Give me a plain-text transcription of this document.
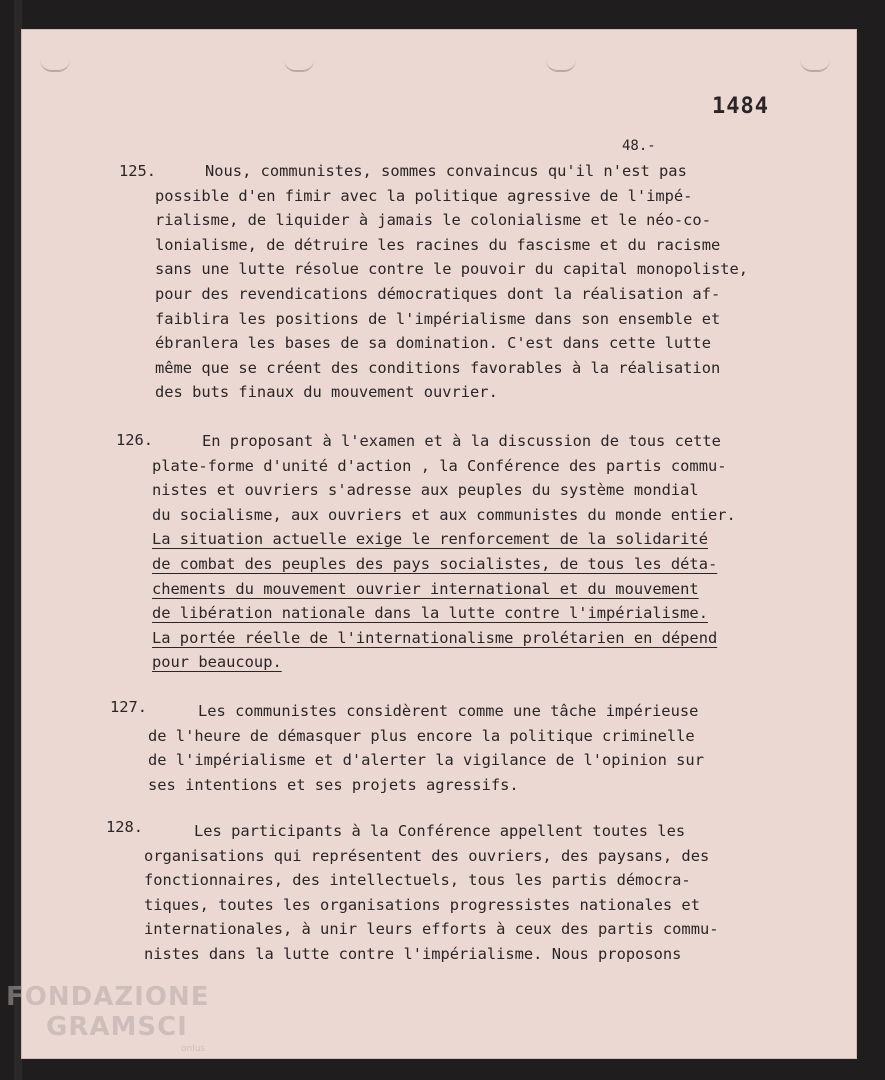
1484
48.-
125.	Nous, communistes, sommes convaincus qu'il n'est pas
possible d'en fimir avec la politique agressive de l'impé-
rialisme, de liquider à jamais le colonialisme et le néo-co-
lonialisme, de détruire les racines du fascisme et du racisme
sans une lutte résolue contre le pouvoir du capital monopoliste,
pour des revendications démocratiques dont la réalisation af-
faiblira les positions de l'impérialisme dans son ensemble et
ébranlera les bases de sa domination. C'est dans cette lutte
même que se créent des conditions favorables à la réalisation
des buts finaux du mouvement ouvrier.
126.	En proposant à l'examen et à la discussion de tous cette
plate-forme d'unité d'action , la Conférence des partis commu-
nistes et ouvriers s'adresse aux peuples du système mondial
du socialisme, aux ouvriers et aux communistes du monde entier.
La situation actuelle exige le renforcement de la solidarité
de combat des peuples des pays socialistes, de tous les déta-
chements du mouvement ouvrier international et du mouvement
de libération nationale dans la lutte contre l'impérialisme.
La portée réelle de l'internationalisme prolétarien en dépend
pour beaucoup.
127.	Les communistes considèrent comme une tâche impérieuse
de l'heure de démasquer plus encore la politique criminelle
de l'impérialisme et d'alerter la vigilance de l'opinion sur
ses intentions et ses projets agressifs.
128.	Les participants à la Conférence appellent toutes les
organisations qui représentent des ouvriers, des paysans, des
fonctionnaires, des intellectuels, tous les partis démocra-
tiques, toutes les organisations progressistes nationales et
internationales, à unir leurs efforts à ceux des partis commu-
nistes dans la lutte contre l'impérialisme. Nous proposons
FONDAZIONE
GRAMSCI
onlus
